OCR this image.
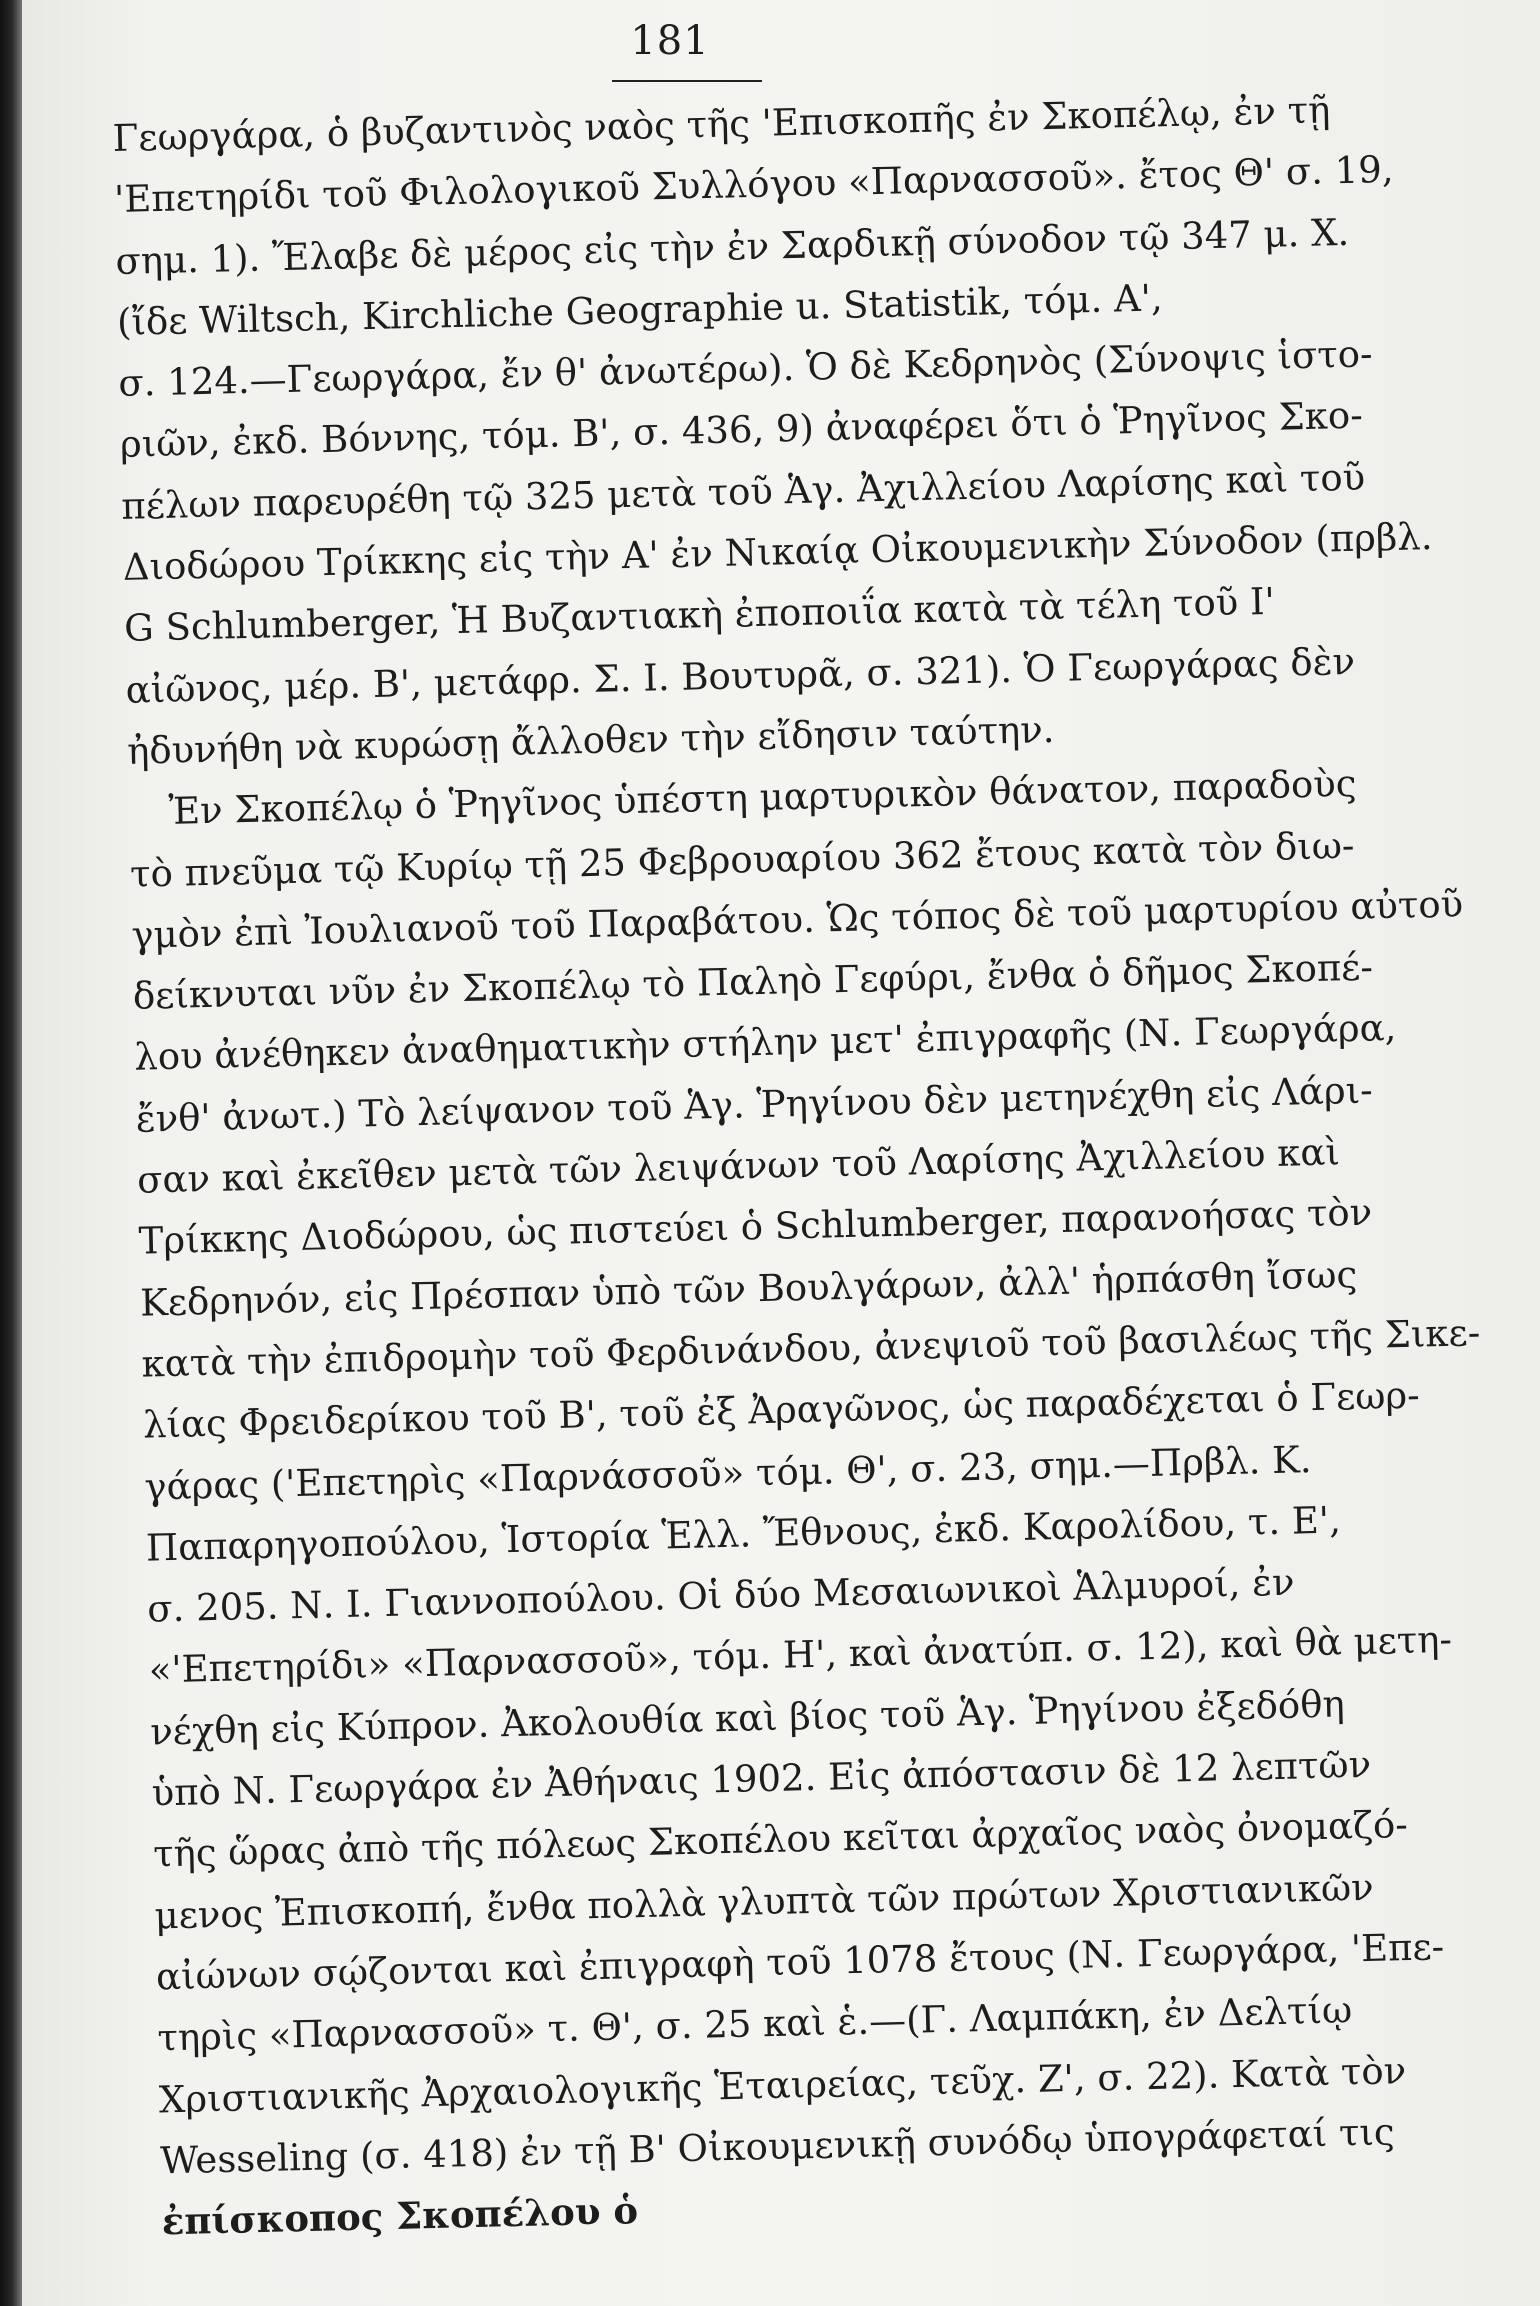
181
Γεωργάρα, ὁ βυζαντινὸς ναὸς τῆς 'Επισκοπῆς ἐν Σκοπέλῳ, ἐν τῇ
'Επετηρίδι τοῦ Φιλολογικοῦ Συλλόγου «Παρνασσοῦ». ἔτος Θ' σ. 19,
σημ. 1). Ἔλαβε δὲ μέρος εἰς τὴν ἐν Σαρδικῇ σύνοδον τῷ 347 μ. Χ.
(ἴδε Wiltsch, Kirchliche Geographie u. Statistik, τόμ. Α',
σ. 124.—Γεωργάρα, ἔν θ' ἀνωτέρω). Ὁ δὲ Κεδρηνὸς (Σύνοψις ἱστο-
ριῶν, ἐκδ. Βόννης, τόμ. Β', σ. 436, 9) ἀναφέρει ὅτι ὁ Ῥηγῖνος Σκο-
πέλων παρευρέθη τῷ 325 μετὰ τοῦ Ἁγ. Ἀχιλλείου Λαρίσης καὶ τοῦ
Διοδώρου Τρίκκης εἰς τὴν Α' ἐν Νικαίᾳ Οἰκουμενικὴν Σύνοδον (πρβλ.
G Schlumberger, Ἡ Βυζαντιακὴ ἐποποιΐα κατὰ τὰ τέλη τοῦ Ι'
αἰῶνος, μέρ. Β', μετάφρ. Σ. Ι. Βουτυρᾶ, σ. 321). Ὁ Γεωργάρας δὲν
ἠδυνήθη νὰ κυρώσῃ ἄλλοθεν τὴν εἴδησιν ταύτην.
Ἐν Σκοπέλῳ ὁ Ῥηγῖνος ὑπέστη μαρτυρικὸν θάνατον, παραδοὺς
τὸ πνεῦμα τῷ Κυρίῳ τῇ 25 Φεβρουαρίου 362 ἔτους κατὰ τὸν διω-
γμὸν ἐπὶ Ἰουλιανοῦ τοῦ Παραβάτου. Ὡς τόπος δὲ τοῦ μαρτυρίου αὐτοῦ
δείκνυται νῦν ἐν Σκοπέλῳ τὸ Παληὸ Γεφύρι, ἔνθα ὁ δῆμος Σκοπέ-
λου ἀνέθηκεν ἀναθηματικὴν στήλην μετ' ἐπιγραφῆς (Ν. Γεωργάρα,
ἔνθ' ἀνωτ.) Τὸ λείψανον τοῦ Ἁγ. Ῥηγίνου δὲν μετηνέχθη εἰς Λάρι-
σαν καὶ ἐκεῖθεν μετὰ τῶν λειψάνων τοῦ Λαρίσης Ἀχιλλείου καὶ
Τρίκκης Διοδώρου, ὡς πιστεύει ὁ Schlumberger, παρανοήσας τὸν
Κεδρηνόν, εἰς Πρέσπαν ὑπὸ τῶν Βουλγάρων, ἀλλ' ἡρπάσθη ἴσως
κατὰ τὴν ἐπιδρομὴν τοῦ Φερδινάνδου, ἀνεψιοῦ τοῦ βασιλέως τῆς Σικε-
λίας Φρειδερίκου τοῦ Β', τοῦ ἐξ Ἀραγῶνος, ὡς παραδέχεται ὁ Γεωρ-
γάρας ('Επετηρὶς «Παρνάσσοῦ» τόμ. Θ', σ. 23, σημ.—Πρβλ. Κ.
Παπαρηγοπούλου, Ἱστορία Ἑλλ. Ἔθνους, ἐκδ. Καρολίδου, τ. Ε',
σ. 205. Ν. Ι. Γιαννοπούλου. Οἱ δύο Μεσαιωνικοὶ Ἁλμυροί, ἐν
«'Επετηρίδι» «Παρνασσοῦ», τόμ. Η', καὶ ἀνατύπ. σ. 12), καὶ θὰ μετη-
νέχθη εἰς Κύπρον. Ἀκολουθία καὶ βίος τοῦ Ἁγ. Ῥηγίνου ἐξεδόθη
ὑπὸ Ν. Γεωργάρα ἐν Ἀθήναις 1902. Εἰς ἀπόστασιν δὲ 12 λεπτῶν
τῆς ὥρας ἀπὸ τῆς πόλεως Σκοπέλου κεῖται ἀρχαῖος ναὸς ὀνομαζό-
μενος Ἐπισκοπή, ἔνθα πολλὰ γλυπτὰ τῶν πρώτων Χριστιανικῶν
αἰώνων σῴζονται καὶ ἐπιγραφὴ τοῦ 1078 ἔτους (Ν. Γεωργάρα, 'Επε-
τηρὶς «Παρνασσοῦ» τ. Θ', σ. 25 καὶ ἑ.—(Γ. Λαμπάκη, ἐν Δελτίῳ
Χριστιανικῆς Ἀρχαιολογικῆς Ἑταιρείας, τεῦχ. Ζ', σ. 22). Κατὰ τὸν
Wesseling (σ. 418) ἐν τῇ Β' Οἰκουμενικῇ συνόδῳ ὑπογράφεταί τις
ἐπίσκοπος Σκοπέλου ὁ
